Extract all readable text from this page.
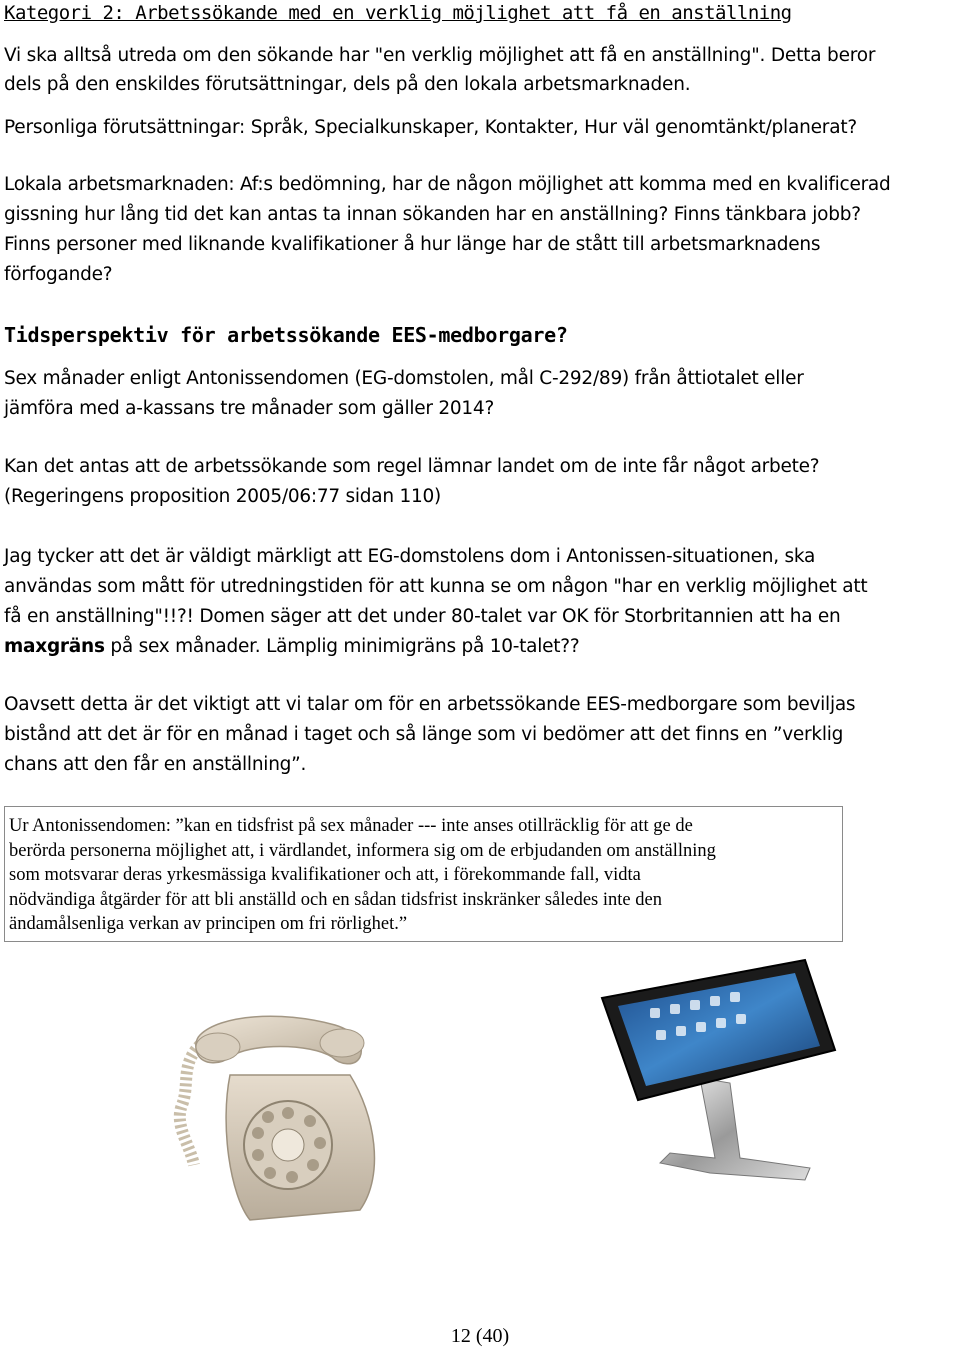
Kategori 2: Arbetssökande med en verklig möjlighet att få en anställning

Vi ska alltså utreda om den sökande har "en verklig möjlighet att få en anställning". Detta beror

dels på den enskildes förutsättningar, dels på den lokala arbetsmarknaden.

Personliga förutsättningar: Språk, Specialkunskaper, Kontakter, Hur väl genomtänkt/planerat?

Lokala arbetsmarknaden: Af:s bedömning, har de någon möjlighet att komma med en kvalificerad

gissning hur lång tid det kan antas ta innan sökanden har en anställning? Finns tänkbara jobb?

Finns personer med liknande kvalifikationer å hur länge har de stått till arbetsmarknadens

förfogande?

Tidsperspektiv för arbetssökande EES-medborgare?

Sex månader enligt Antonissendomen (EG-domstolen, mål C-292/89) från åttiotalet eller

jämföra med a-kassans tre månader som gäller 2014?

Kan det antas att de arbetssökande som regel lämnar landet om de inte får något arbete?

(Regeringens proposition 2005/06:77 sidan 110)

Jag tycker att det är väldigt märkligt att EG-domstolens dom i Antonissen-situationen, ska

användas som mått för utredningstiden för att kunna se om någon "har en verklig möjlighet att

få en anställning"!!?! Domen säger att det under 80-talet var OK för Storbritannien att ha en

maxgräns på sex månader. Lämplig minimigräns på 10-talet??

Oavsett detta är det viktigt att vi talar om för en arbetssökande EES-medborgare som beviljas

bistånd att det är för en månad i taget och så länge som vi bedömer att det finns en ”verklig

chans att den får en anställning”.

Ur Antonissendomen: ”kan en tidsfrist på sex månader --- inte anses otillräcklig för att ge de
berörda personerna möjlighet att, i värdlandet, informera sig om de erbjudanden om anställning
som motsvarar deras yrkesmässiga kvalifikationer och att, i förekommande fall, vidta
nödvändiga åtgärder för att bli anställd och en sådan tidsfrist inskränker således inte den
ändamålsenliga verkan av principen om fri rörlighet.”
12 (40)
